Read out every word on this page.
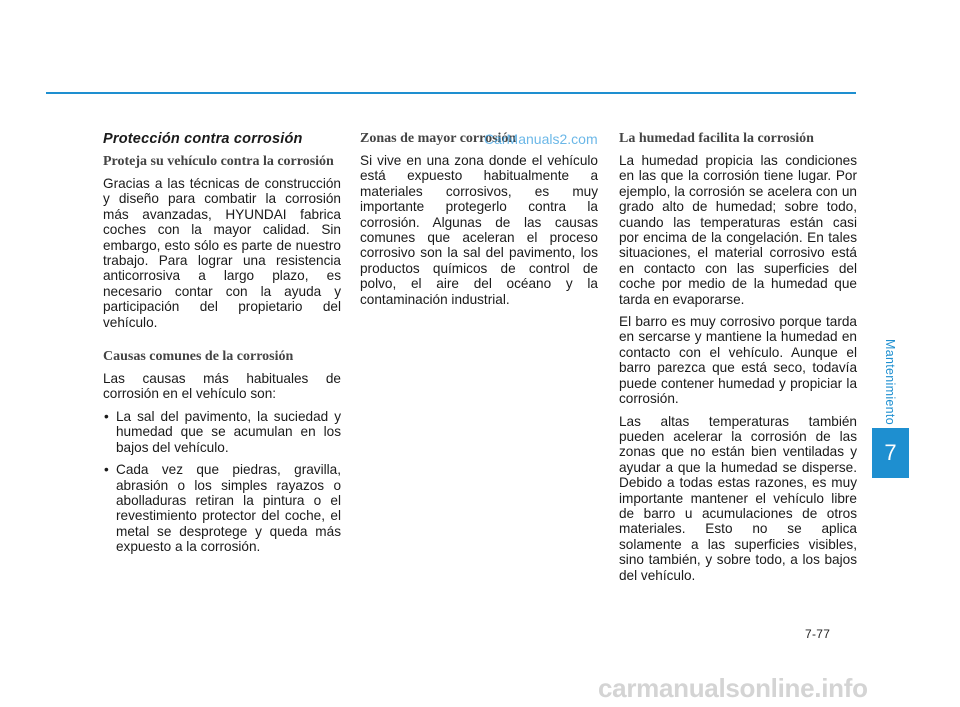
Protección contra corrosión
Proteja su vehículo contra la corrosión

Gracias a las técnicas de construcción y diseño para combatir la corrosión más avanzadas, HYUNDAI fabrica coches con la mayor calidad. Sin embargo, esto sólo es parte de nuestro trabajo. Para lograr una resistencia anticorrosiva a largo plazo, es necesario contar con la ayuda y participación del propietario del vehículo.

Causas comunes de la corrosión

Las causas más habituales de corrosión en el vehículo son:

• La sal del pavimento, la suciedad y humedad que se acumulan en los bajos del vehículo.
• Cada vez que piedras, gravilla, abrasión o los simples rayazos o abolladuras retiran la pintura o el revestimiento protector del coche, el metal se desprotege y queda más expuesto a la corrosión.
Zonas de mayor corrosión

Si vive en una zona donde el vehículo está expuesto habitualmente a materiales corrosivos, es muy importante protegerlo contra la corrosión. Algunas de las causas comunes que aceleran el proceso corrosivo son la sal del pavimento, los productos químicos de control de polvo, el aire del océano y la contaminación industrial.

CarManuals2.com La humedad facilita la corrosión

La humedad propicia las condiciones en las que la corrosión tiene lugar. Por ejemplo, la corrosión se acelera con un grado alto de humedad; sobre todo, cuando las temperaturas están casi por encima de la congelación. En tales situaciones, el material corrosivo está en contacto con las superficies del coche por medio de la humedad que tarda en evaporarse.

El barro es muy corrosivo porque tarda en sercarse y mantiene la humedad en contacto con el vehículo. Aunque el barro parezca que está seco, todavía puede contener humedad y propiciar la corrosión.

Las altas temperaturas también pueden acelerar la corrosión de las zonas que no están bien ventiladas y ayudar a que la humedad se disperse. Debido a todas estas razones, es muy importante mantener el vehículo libre de barro u acumulaciones de otros materiales. Esto no se aplica solamente a las superficies visibles, sino también, y sobre todo, a los bajos del vehículo.

Mantenimiento
7
7-77
carmanualsonline.info
